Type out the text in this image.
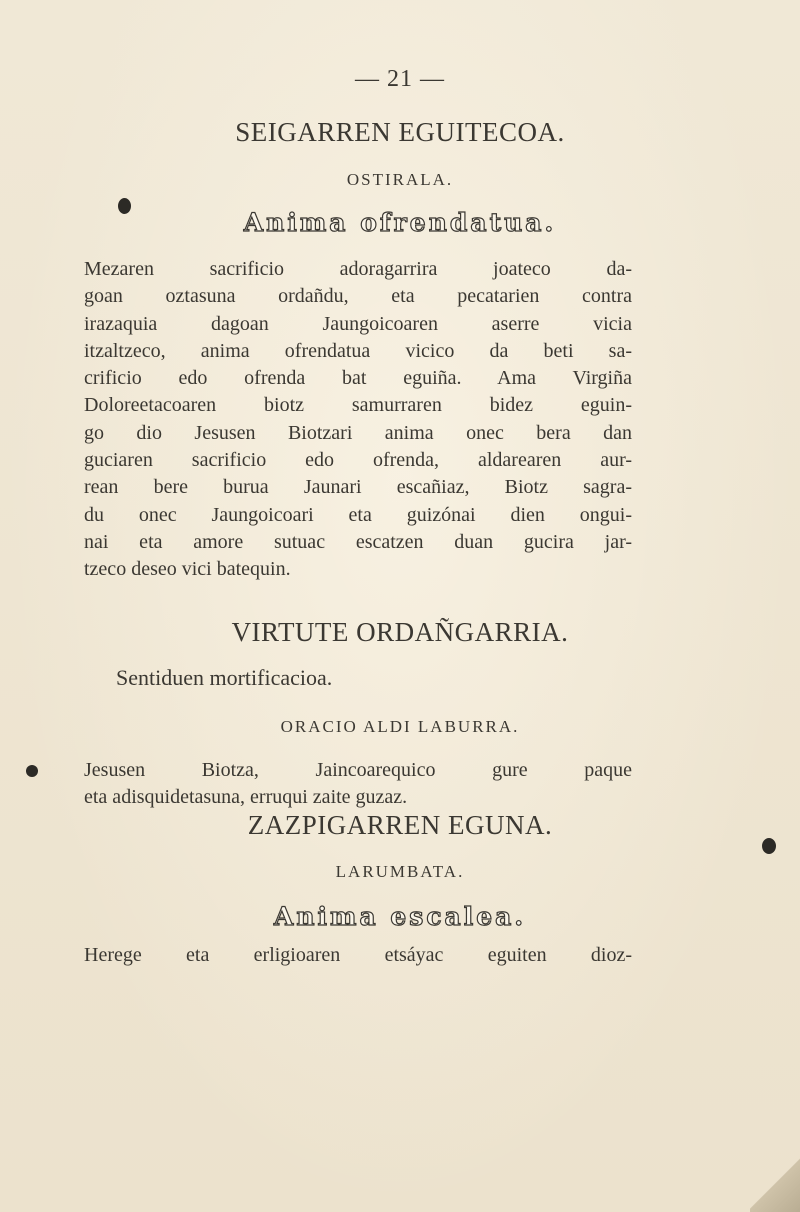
— 21 —
SEIGARREN EGUITECOA.
OSTIRALA.
Anima ofrendatua.
Mezaren sacrificio adoragarrira joateco da-
goan oztasuna ordañdu, eta pecatarien contra
irazaquia dagoan Jaungoicoaren aserre vicia
itzaltzeco, anima ofrendatua vicico da beti sa-
crificio edo ofrenda bat eguiña. Ama Virgiña
Doloreetacoaren biotz samurraren bidez eguin-
go dio Jesusen Biotzari anima onec bera dan
guciaren sacrificio edo ofrenda, aldarearen aur-
rean bere burua Jaunari escañiaz, Biotz sagra-
du onec Jaungoicoari eta guizónai dien ongui-
nai eta amore sutuac escatzen duan gucira jar-
tzeco deseo vici batequin.
VIRTUTE ORDAÑGARRIA.
Sentiduen mortificacioa.
ORACIO ALDI LABURRA.
Jesusen Biotza, Jaincoarequico gure paque
eta adisquidetasuna, erruqui zaite guzaz.
ZAZPIGARREN EGUNA.
LARUMBATA.
Anima escalea.
Herege eta erligioaren etsáyac eguiten dioz-
